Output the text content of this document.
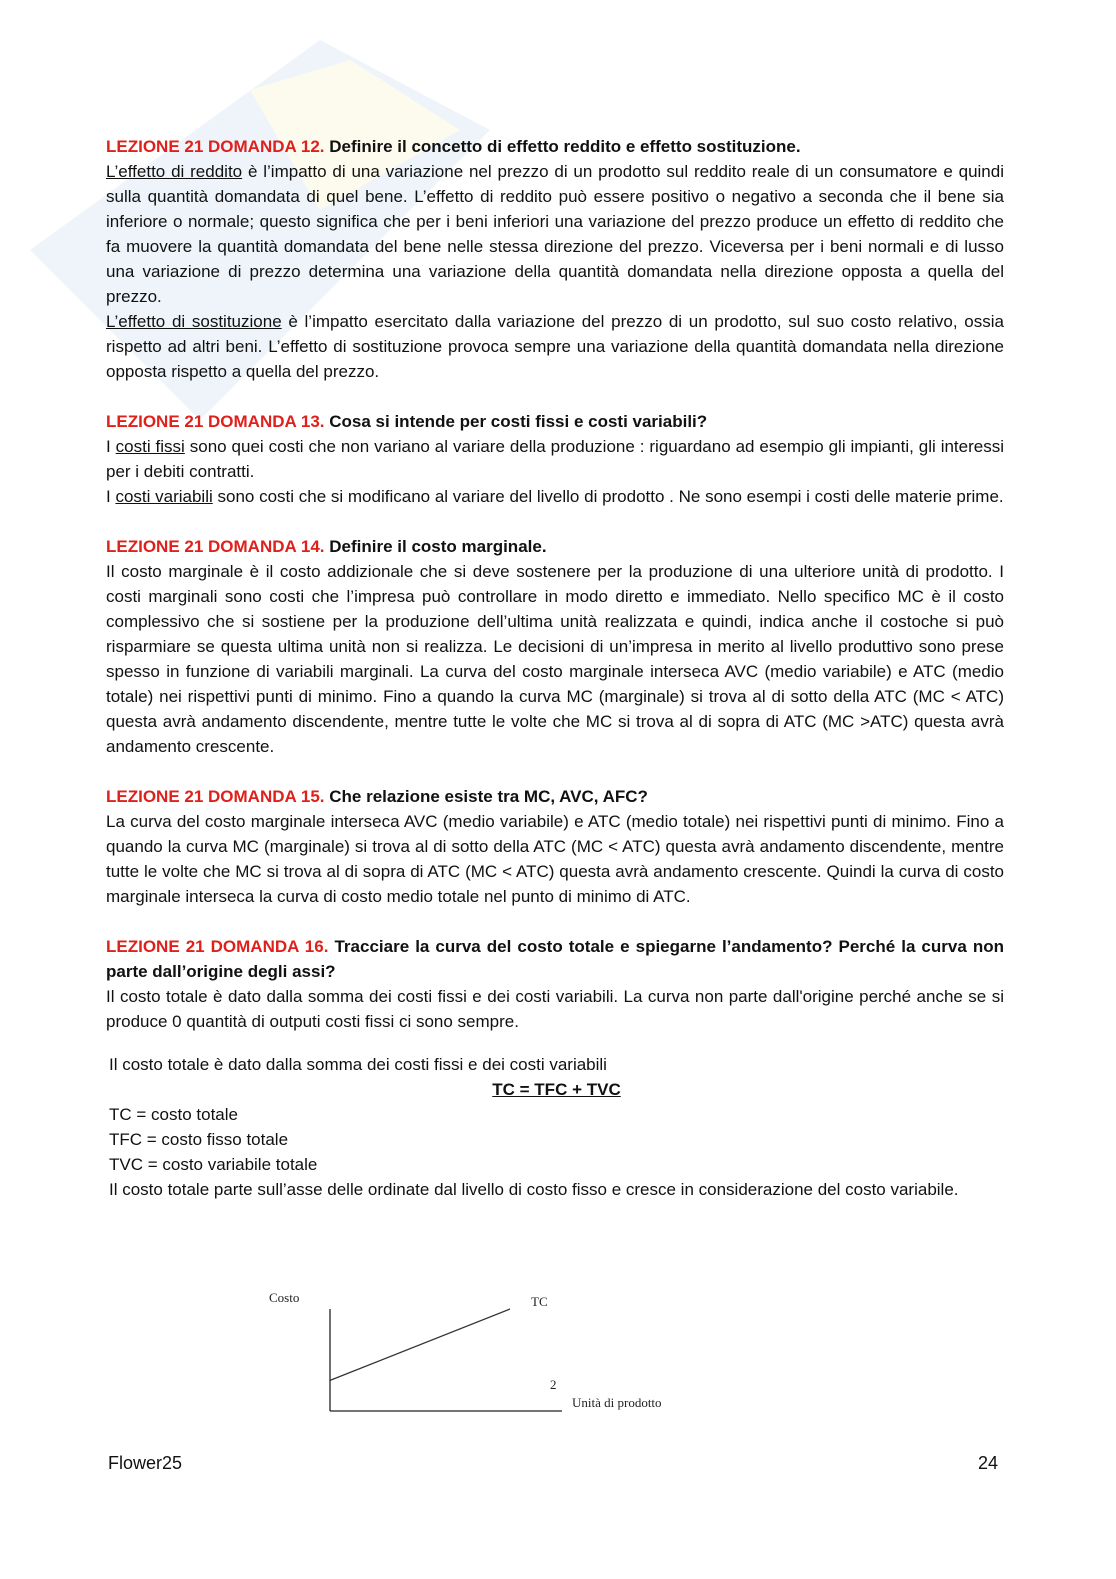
LEZIONE 21 DOMANDA 12. Definire il concetto di effetto reddito e effetto sostituzione.

L’effetto di reddito è l’impatto di una variazione nel prezzo di un prodotto sul reddito reale di un consumatore e quindi sulla quantità domandata di quel bene. L’effetto di reddito può essere positivo o negativo a seconda che il bene sia inferiore o normale; questo significa che per i beni inferiori una variazione del prezzo produce un effetto di reddito che fa muovere la quantità domandata del bene nelle stessa direzione del prezzo. Viceversa per i beni normali e di lusso una variazione di prezzo determina una variazione della quantità domandata nella direzione opposta a quella del prezzo.

L’effetto di sostituzione è l’impatto esercitato dalla variazione del prezzo di un prodotto, sul suo costo relativo, ossia rispetto ad altri beni. L’effetto di sostituzione provoca sempre una variazione della quantità domandata nella direzione opposta rispetto a quella del prezzo.

LEZIONE 21 DOMANDA 13. Cosa si intende per costi fissi e costi variabili?

I costi fissi sono quei costi che non variano al variare della produzione : riguardano ad esempio gli impianti, gli interessi per i debiti contratti.

I costi variabili sono costi che si modificano al variare del livello di prodotto . Ne sono esempi i costi delle materie prime.

LEZIONE 21 DOMANDA 14. Definire il costo marginale.

Il costo marginale è il costo addizionale che si deve sostenere per la produzione di una ulteriore unità di prodotto. I costi marginali sono costi che l’impresa può controllare in modo diretto e immediato. Nello specifico MC è il costo complessivo che si sostiene per la produzione dell’ultima unità realizzata e quindi, indica anche il costoche si può risparmiare se questa ultima unità non si realizza. Le decisioni di un’impresa in merito al livello produttivo sono prese spesso in funzione di variabili marginali. La curva del costo marginale interseca AVC (medio variabile) e ATC (medio totale) nei rispettivi punti di minimo. Fino a quando la curva MC (marginale) si trova al di sotto della ATC (MC < ATC) questa avrà andamento discendente, mentre tutte le volte che MC si trova al di sopra di ATC (MC >ATC) questa avrà andamento crescente.

LEZIONE 21 DOMANDA 15. Che relazione esiste tra MC, AVC, AFC?

La curva del costo marginale interseca AVC (medio variabile) e ATC (medio totale) nei rispettivi punti di minimo. Fino a quando la curva MC (marginale) si trova al di sotto della ATC (MC < ATC) questa avrà andamento discendente, mentre tutte le volte che MC si trova al di sopra di ATC (MC < ATC) questa avrà andamento crescente. Quindi la curva di costo marginale interseca la curva di costo medio totale nel punto di minimo di ATC.

LEZIONE 21 DOMANDA 16. Tracciare la curva del costo totale e spiegarne l’andamento? Perché la curva non parte dall’origine degli assi?

Il costo totale è dato dalla somma dei costi fissi e dei costi variabili. La curva non parte dall'origine perché anche se si produce 0 quantità di outputi costi fissi ci sono sempre.

Il costo totale è dato dalla somma dei costi fissi e dei costi variabili

TC = TFC + TVC

TC = costo totale

TFC = costo fisso totale

TVC = costo variabile totale

Il costo totale parte sull’asse delle ordinate dal livello di costo fisso e cresce in considerazione del costo variabile.

Costo	TC
2
Unità di prodotto
Flower25	24
